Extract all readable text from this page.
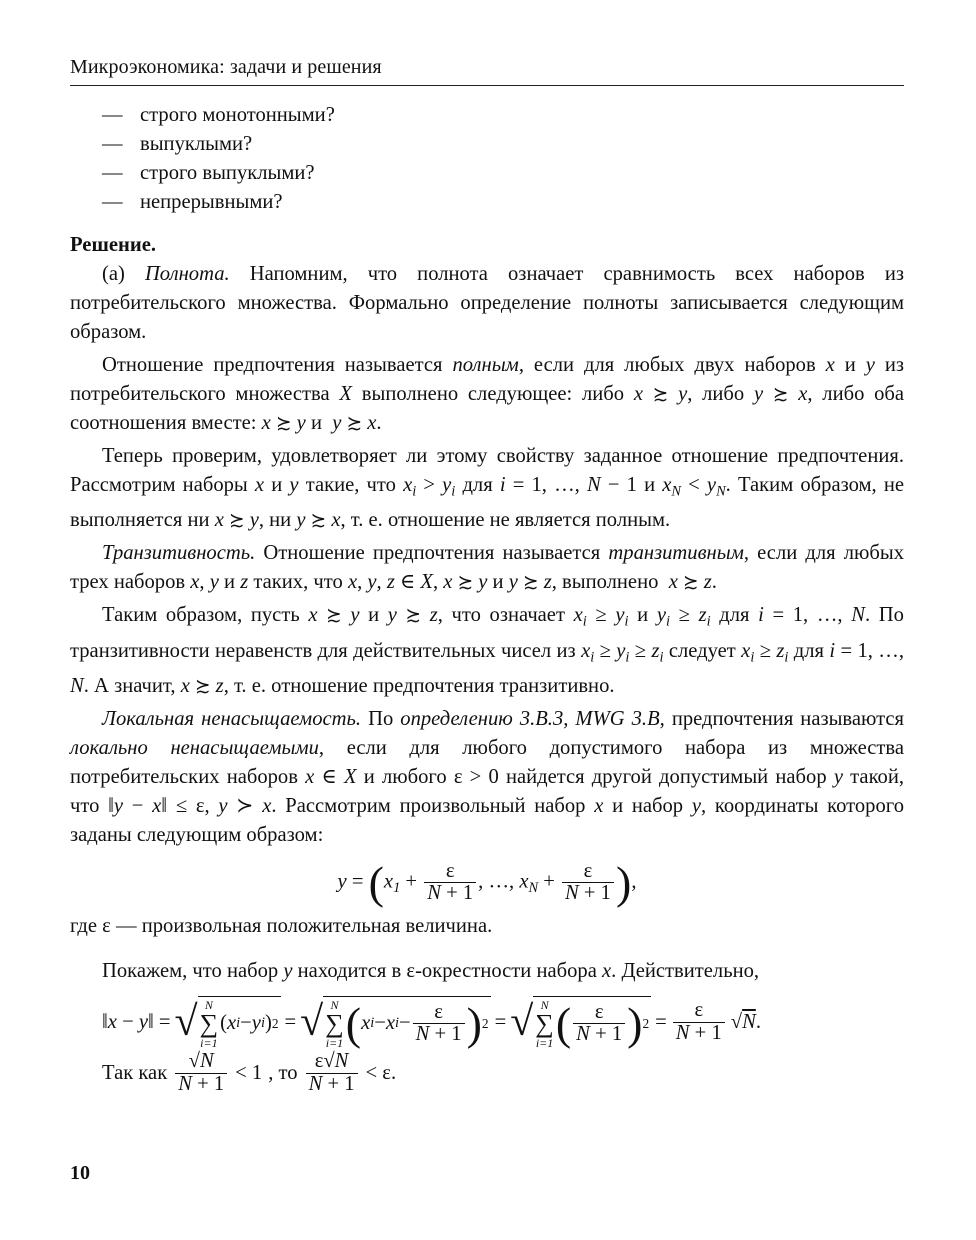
Микроэкономика: задачи и решения
— строго монотонными?
— выпуклыми?
— строго выпуклыми?
— непрерывными?
Решение.

(а) Полнота. Напомним, что полнота означает сравнимость всех наборов из потребительского множества. Формально определение полноты записывается следующим образом.

Отношение предпочтения называется полным, если для любых двух наборов x и y из потребительского множества X выполнено следующее: либо x ≿ y, либо y ≿ x, либо оба соотношения вместе: x ≿ y и y ≿ x.

Теперь проверим, удовлетворяет ли этому свойству заданное отношение предпочтения. Рассмотрим наборы x и y такие, что $x_i > y_i$ для i = 1, …, N − 1 и $x_N < y_N$. Таким образом, не выполняется ни x ≿ y, ни y ≿ x, т. е. отношение не является полным.

Транзитивность. Отношение предпочтения называется транзитивным, если для любых трех наборов x, y и z таких, что x, y, z ∈ X, x ≿ y и y ≿ z, выполнено x ≿ z.

Таким образом, пусть x ≿ y и y ≿ z, что означает $x_i \ge y_i$ и $y_i \ge z_i$ для i = 1, …, N. По транзитивности неравенств для действительных чисел из $x_i \ge y_i \ge z_i$ следует $x_i \ge z_i$ для i = 1, …, N. А значит, x ≿ z, т. е. отношение предпочтения транзитивно.

Локальная ненасыщаемость. По определению 3.B.3, MWG 3.B, предпочтения называются локально ненасыщаемыми, если для любого допустимого набора из множества потребительских наборов x ∈ X и любого ε > 0 найдется другой допустимый набор y такой, что ‖y − x‖ ≤ ε, y ≻ x. Рассмотрим произвольный набор x и набор y, координаты которого заданы следующим образом:

$y = (x_1 + \frac{\varepsilon}{N + 1}$ , …, $x_N + \frac{\varepsilon}{N + 1}$ ),

где ε — произвольная положительная величина.

Покажем, что набор y находится в ε-окрестности набора x. Действительно,

‖x − y‖ = √ N
∑
i=1
( x i − y i ) 2 = √ N
∑
i=1 ( x i − x $i - \frac{\varepsilon}{N + 1}$ ) 2 = √ N
∑
i=1 ( $\frac{\varepsilon}{N + 1}$ ) $2 = \frac{\varepsilon}{N + 1} √N$.
Так как $\frac{√N}{N + 1} < 1$ , то $\frac{\varepsilon√N}{N + 1} < \varepsilon$.
10
